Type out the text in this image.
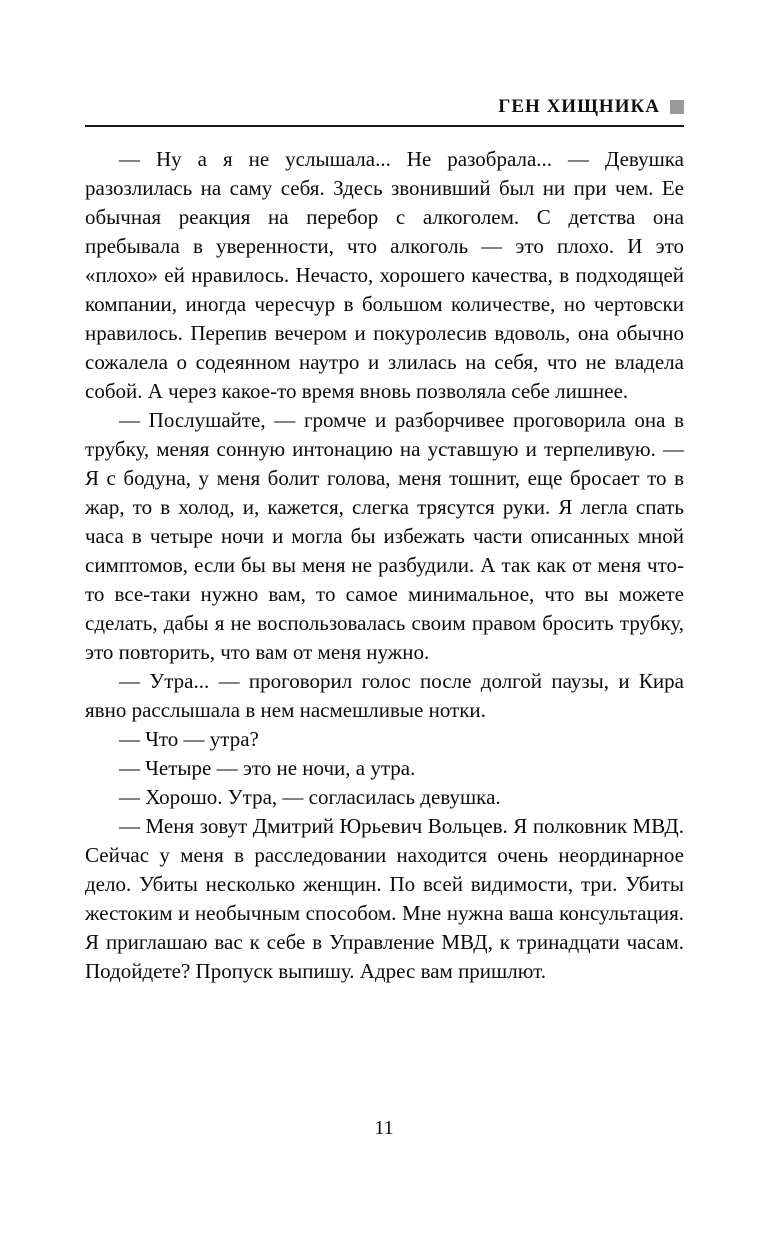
ГЕН ХИЩНИКА

— Ну а я не услышала... Не разобрала... — Девушка разозлилась на саму себя. Здесь звонивший был ни при чем. Ее обычная реакция на перебор с алкоголем. С детства она пребывала в уверенности, что алкоголь — это плохо. И это «плохо» ей нравилось. Нечасто, хорошего качества, в подходящей компании, иногда чересчур в большом количестве, но чертовски нравилось. Перепив вечером и покуролесив вдоволь, она обычно сожалела о содеянном наутро и злилась на себя, что не владела собой. А через какое-то время вновь позволяла себе лишнее.

— Послушайте, — громче и разборчивее проговорила она в трубку, меняя сонную интонацию на уставшую и терпеливую. — Я с бодуна, у меня болит голова, меня тошнит, еще бросает то в жар, то в холод, и, кажется, слегка трясутся руки. Я легла спать часа в четыре ночи и могла бы избежать части описанных мной симптомов, если бы вы меня не разбудили. А так как от меня что-то все-таки нужно вам, то самое минимальное, что вы можете сделать, дабы я не воспользовалась своим правом бросить трубку, это повторить, что вам от меня нужно.

— Утра... — проговорил голос после долгой паузы, и Кира явно расслышала в нем насмешливые нотки.

— Что — утра?

— Четыре — это не ночи, а утра.

— Хорошо. Утра, — согласилась девушка.

— Меня зовут Дмитрий Юрьевич Вольцев. Я полковник МВД. Сейчас у меня в расследовании находится очень неординарное дело. Убиты несколько женщин. По всей видимости, три. Убиты жестоким и необычным способом. Мне нужна ваша консультация. Я приглашаю вас к себе в Управление МВД, к тринадцати часам. Подойдете? Пропуск выпишу. Адрес вам пришлют.

11
